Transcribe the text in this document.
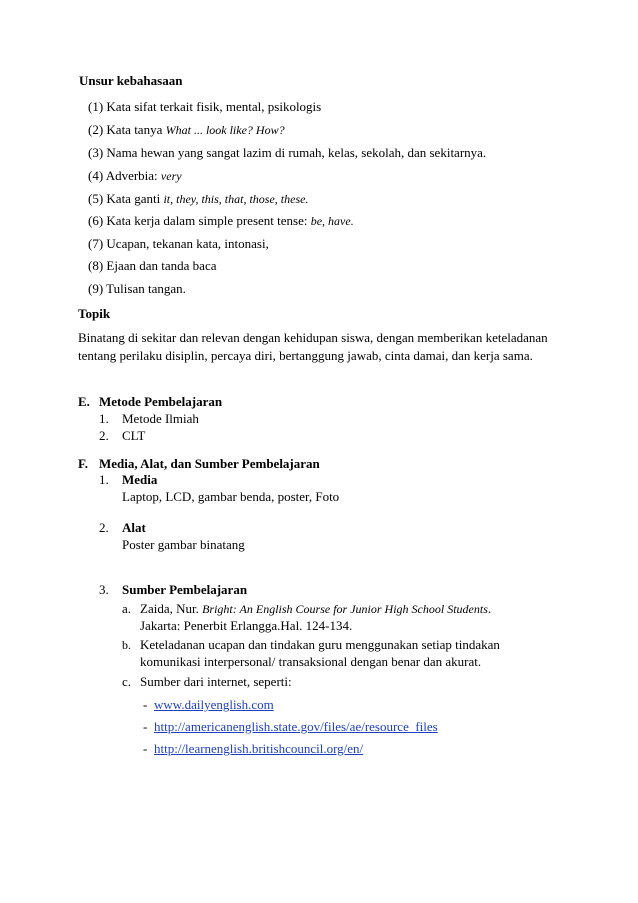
Unsur kebahasaan
(1) Kata sifat terkait fisik, mental, psikologis
(2) Kata tanya What ... look like? How?
(3) Nama hewan yang sangat lazim di rumah, kelas, sekolah, dan sekitarnya.
(4) Adverbia: very
(5) Kata ganti it, they, this, that, those, these.
(6) Kata kerja dalam simple present tense: be, have.
(7) Ucapan, tekanan kata, intonasi,
(8) Ejaan dan tanda baca
(9) Tulisan tangan.
Topik
Binatang di sekitar dan relevan dengan kehidupan siswa, dengan memberikan keteladanan tentang perilaku disiplin, percaya diri, bertanggung jawab, cinta damai, dan kerja sama.
E. Metode Pembelajaran
1. Metode Ilmiah
2. CLT
F. Media, Alat, dan Sumber Pembelajaran
1. Media
Laptop, LCD, gambar benda, poster, Foto
2. Alat
Poster gambar binatang
3. Sumber Pembelajaran
a. Zaida, Nur. Bright: An English Course for Junior High School Students.
Jakarta: Penerbit Erlangga.Hal. 124-134.
b. Keteladanan ucapan dan tindakan guru menggunakan setiap tindakan
komunikasi interpersonal/ transaksional dengan benar dan akurat.
c. Sumber dari internet, seperti:
- www.dailyenglish.com
- http://americanenglish.state.gov/files/ae/resource_files
- http://learnenglish.britishcouncil.org/en/
